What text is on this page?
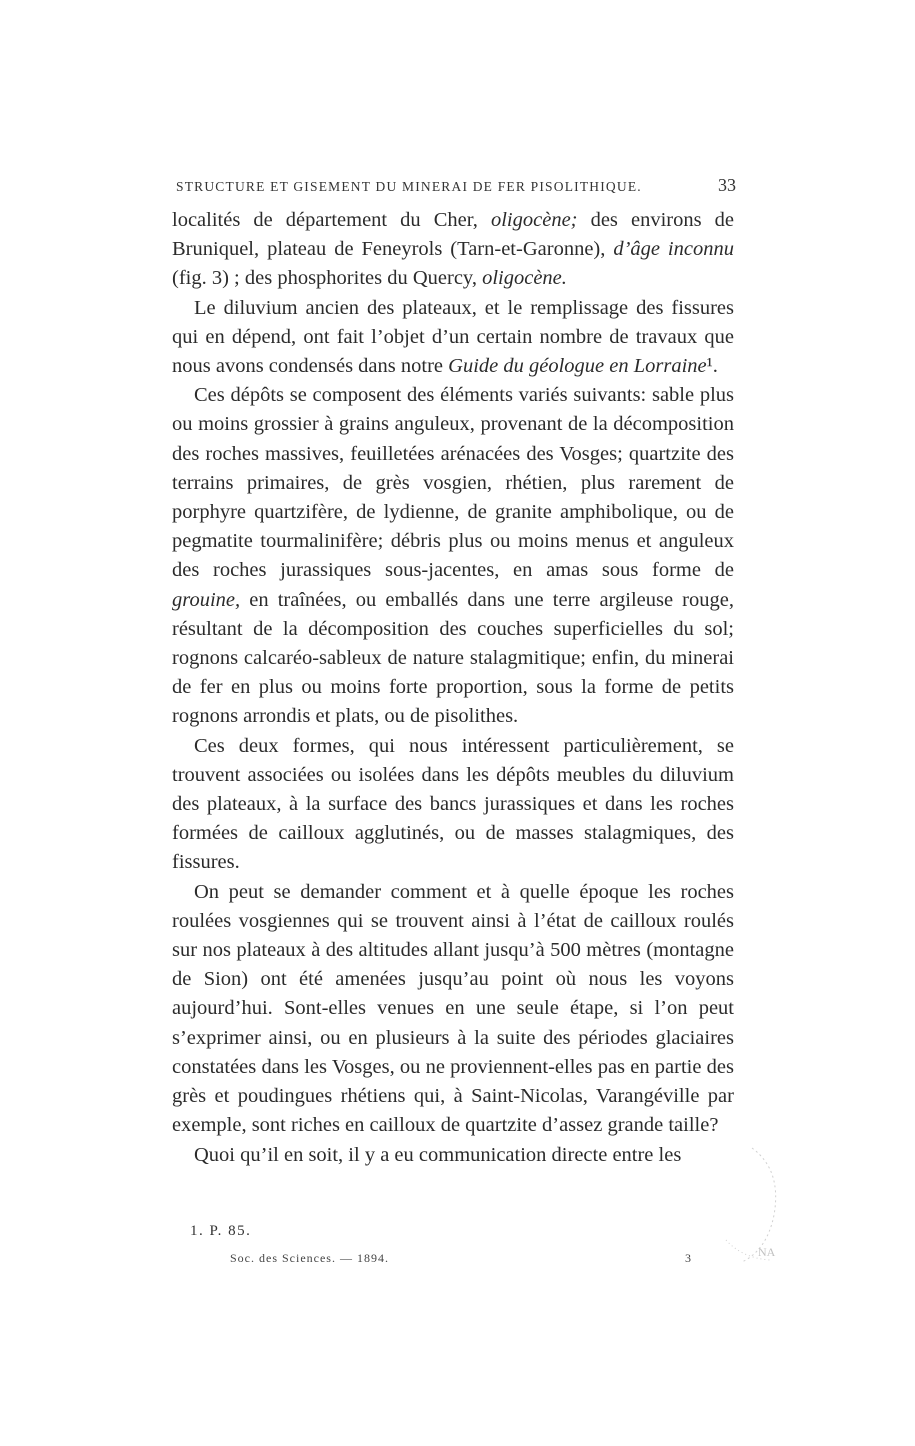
STRUCTURE ET GISEMENT DU MINERAI DE FER PISOLITHIQUE.	33

localités de département du Cher, oligocène; des environs de Bruniquel, plateau de Feneyrols (Tarn-et-Garonne), d’âge inconnu (fig. 3) ; des phosphorites du Quercy, oligocène.

Le diluvium ancien des plateaux, et le remplissage des fissures qui en dépend, ont fait l’objet d’un certain nombre de travaux que nous avons condensés dans notre Guide du géologue en Lorraine¹.

Ces dépôts se composent des éléments variés suivants: sable plus ou moins grossier à grains anguleux, provenant de la décomposition des roches massives, feuilletées arénacées des Vosges; quartzite des terrains primaires, de grès vosgien, rhétien, plus rarement de porphyre quartzifère, de lydienne, de granite amphibolique, ou de pegmatite tourmalinifère; débris plus ou moins menus et anguleux des roches jurassiques sous-jacentes, en amas sous forme de grouine, en traînées, ou emballés dans une terre argileuse rouge, résultant de la décomposition des couches superficielles du sol; rognons calcaréo-sableux de nature stalagmitique; enfin, du minerai de fer en plus ou moins forte proportion, sous la forme de petits rognons arrondis et plats, ou de pisolithes.

Ces deux formes, qui nous intéressent particulièrement, se trouvent associées ou isolées dans les dépôts meubles du diluvium des plateaux, à la surface des bancs jurassiques et dans les roches formées de cailloux agglutinés, ou de masses stalagmiques, des fissures.

On peut se demander comment et à quelle époque les roches roulées vosgiennes qui se trouvent ainsi à l’état de cailloux roulés sur nos plateaux à des altitudes allant jusqu’à 500 mètres (montagne de Sion) ont été amenées jusqu’au point où nous les voyons aujourd’hui. Sont-elles venues en une seule étape, si l’on peut s’exprimer ainsi, ou en plusieurs à la suite des périodes glaciaires constatées dans les Vosges, ou ne proviennent-elles pas en partie des grès et poudingues rhétiens qui, à Saint-Nicolas, Varangéville par exemple, sont riches en cailloux de quartzite d’assez grande taille?

Quoi qu’il en soit, il y a eu communication directe entre les

1. P. 85.
Soc. des Sciences. — 1894.	3	NA
